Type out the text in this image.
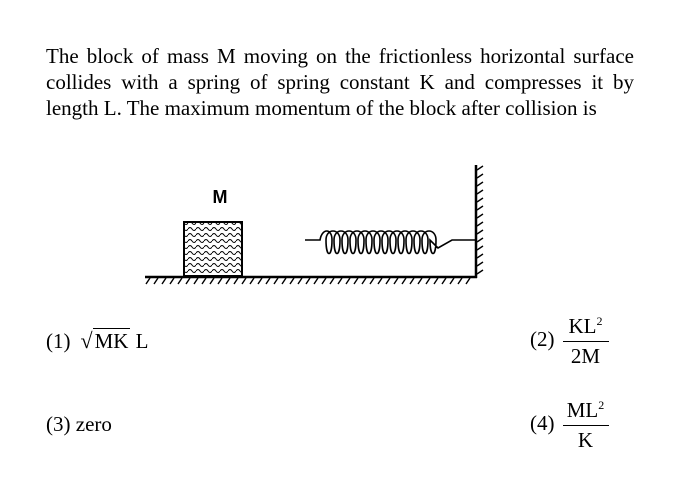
The block of mass M moving on the frictionless horizontal surface collides with a spring of spring constant K and compresses it by length L. The maximum momentum of the block after collision is
M
(1) √MK L	$(2) \frac{KL^2}{2M}$
(3) zero	$(4) \frac{ML^2}{K}$
